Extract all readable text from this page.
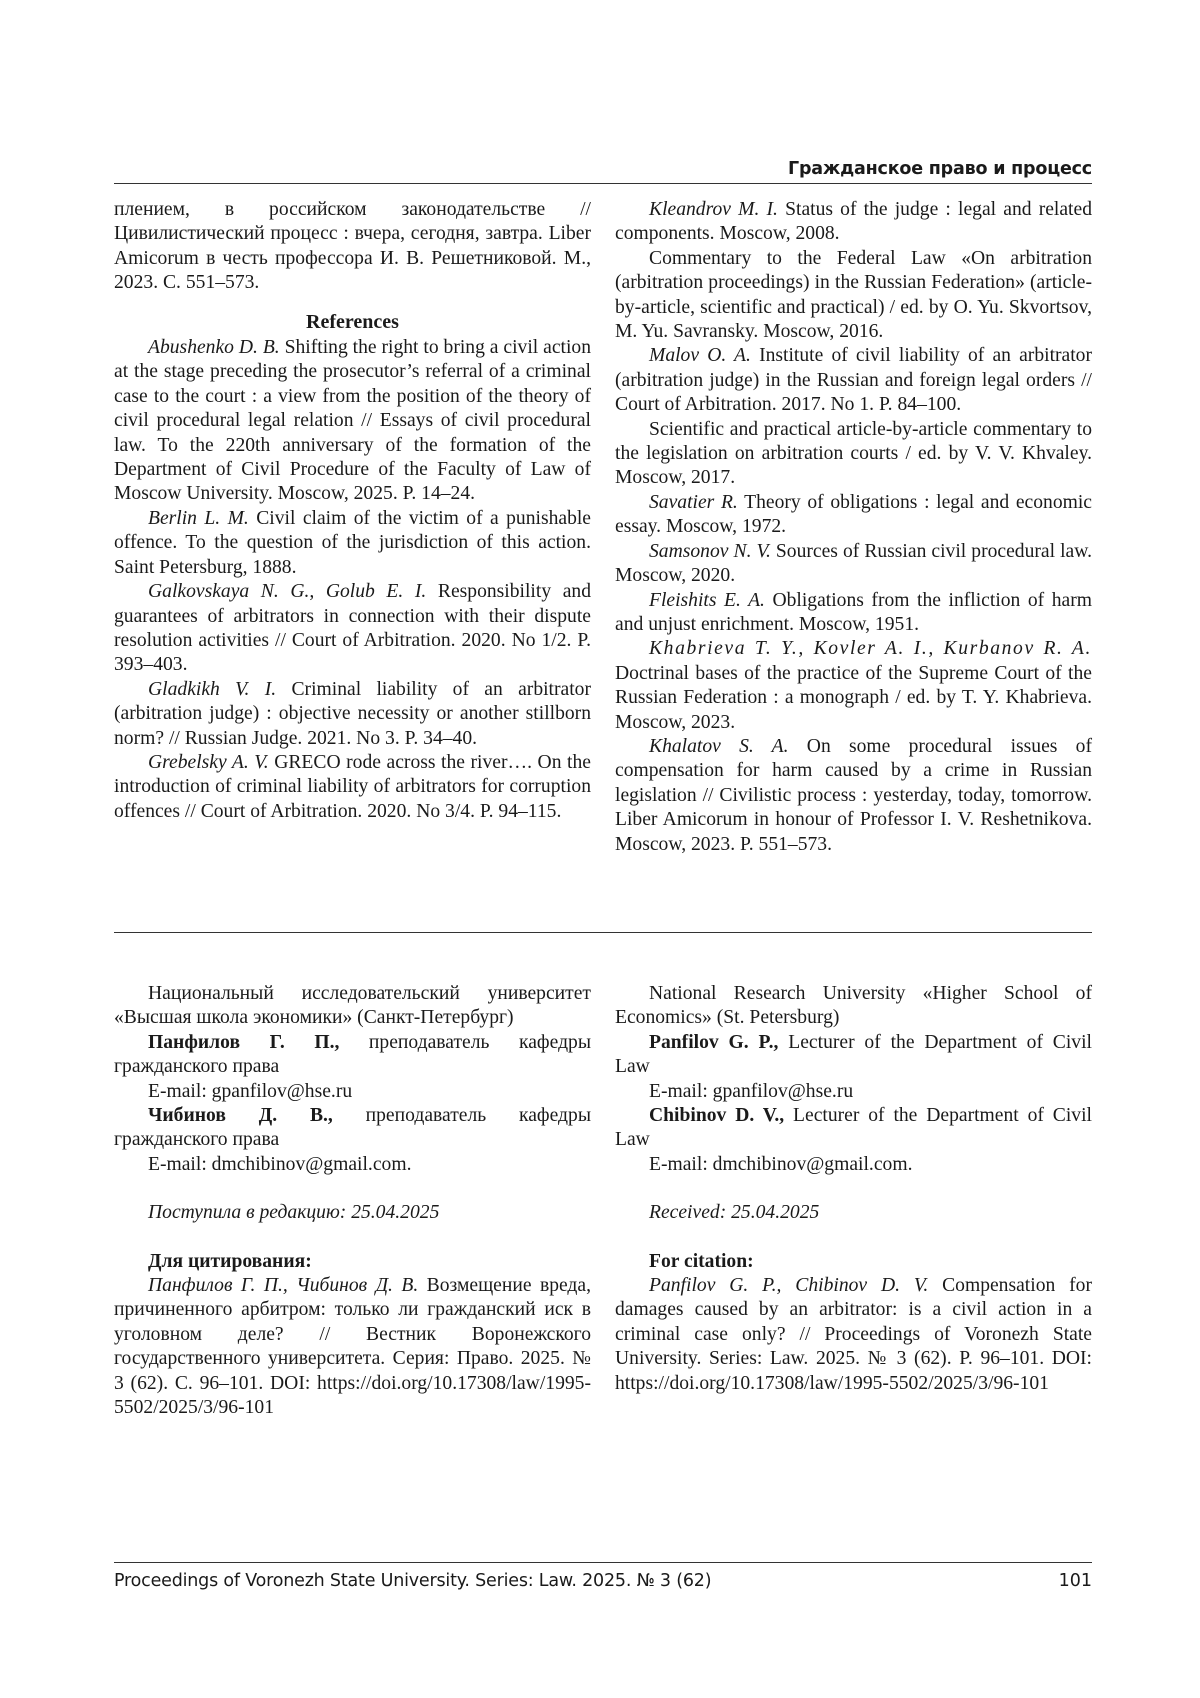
Гражданское право и процесс

плением, в российском законодательстве // Цивилистический процесс : вчера, сегодня, завтра. Liber Amicorum в честь профессора И. В. Решетниковой. М., 2023. С. 551–573.

References

Abushenko D. B. Shifting the right to bring a civil action at the stage preceding the prosecutor’s referral of a criminal case to the court : a view from the position of the theory of civil procedural legal relation // Essays of civil procedural law. To the 220th anniversary of the formation of the Department of Civil Procedure of the Faculty of Law of Moscow University. Moscow, 2025. P. 14–24.

Berlin L. M. Civil claim of the victim of a punishable offence. To the question of the jurisdiction of this action. Saint Petersburg, 1888.

Galkovskaya N. G., Golub E. I. Responsibility and guarantees of arbitrators in connection with their dispute resolution activities // Court of Arbitration. 2020. No 1/2. P. 393–403.

Gladkikh V. I. Criminal liability of an arbitrator (arbitration judge) : objective necessity or another stillborn norm? // Russian Judge. 2021. No 3. P. 34–40.

Grebelsky A. V. GRECO rode across the river…. On the introduction of criminal liability of arbitrators for corruption offences // Court of Arbitration. 2020. No 3/4. P. 94–115.

Kleandrov M. I. Status of the judge : legal and related components. Moscow, 2008.

Commentary to the Federal Law «On arbitration (arbitration proceedings) in the Russian Federation» (article-by-article, scientific and practical) / ed. by O. Yu. Skvortsov, M. Yu. Savransky. Moscow, 2016.

Malov O. A. Institute of civil liability of an arbitrator (arbitration judge) in the Russian and foreign legal orders // Court of Arbitration. 2017. No 1. P. 84–100.

Scientific and practical article-by-article commentary to the legislation on arbitration courts / ed. by V. V. Khvaley. Moscow, 2017.

Savatier R. Theory of obligations : legal and economic essay. Moscow, 1972.

Samsonov N. V. Sources of Russian civil procedural law. Moscow, 2020.

Fleishits E. A. Obligations from the infliction of harm and unjust enrichment. Moscow, 1951.

Khabrieva T. Y., Kovler A. I., Kurbanov R. A. Doctrinal bases of the practice of the Supreme Court of the Russian Federation : a monograph / ed. by T. Y. Khabrieva. Moscow, 2023.

Khalatov S. A. On some procedural issues of compensation for harm caused by a crime in Russian legislation // Civilistic process : yesterday, today, tomorrow. Liber Amicorum in honour of Professor I. V. Reshetnikova. Moscow, 2023. P. 551–573.

Национальный исследовательский университет «Высшая школа экономики» (Санкт-Петербург)

Панфилов Г. П., преподаватель кафедры гражданского права

E-mail: gpanfilov@hse.ru

Чибинов Д. В., преподаватель кафедры гражданского права

E-mail: dmchibinov@gmail.com.

Поступила в редакцию: 25.04.2025

Для цитирования:

Панфилов Г. П., Чибинов Д. В. Возмещение вреда, причиненного арбитром: только ли гражданский иск в уголовном деле? // Вестник Воронежского государственного университета. Серия: Право. 2025. № 3 (62). С. 96–101. DOI: https://doi.org/10.17308/law/1995-5502/2025/3/96-101

National Research University «Higher School of Economics» (St. Petersburg)

Panfilov G. P., Lecturer of the Department of Civil Law

E-mail: gpanfilov@hse.ru

Chibinov D. V., Lecturer of the Department of Civil Law

E-mail: dmchibinov@gmail.com.

Received: 25.04.2025

For citation:

Panfilov G. P., Chibinov D. V. Compensation for damages caused by an arbitrator: is a civil action in a criminal case only? // Proceedings of Voronezh State University. Series: Law. 2025. № 3 (62). P. 96–101. DOI: https://doi.org/10.17308/law/1995-5502/2025/3/96-101

Proceedings of Voronezh State University. Series: Law. 2025. № 3 (62)	101
